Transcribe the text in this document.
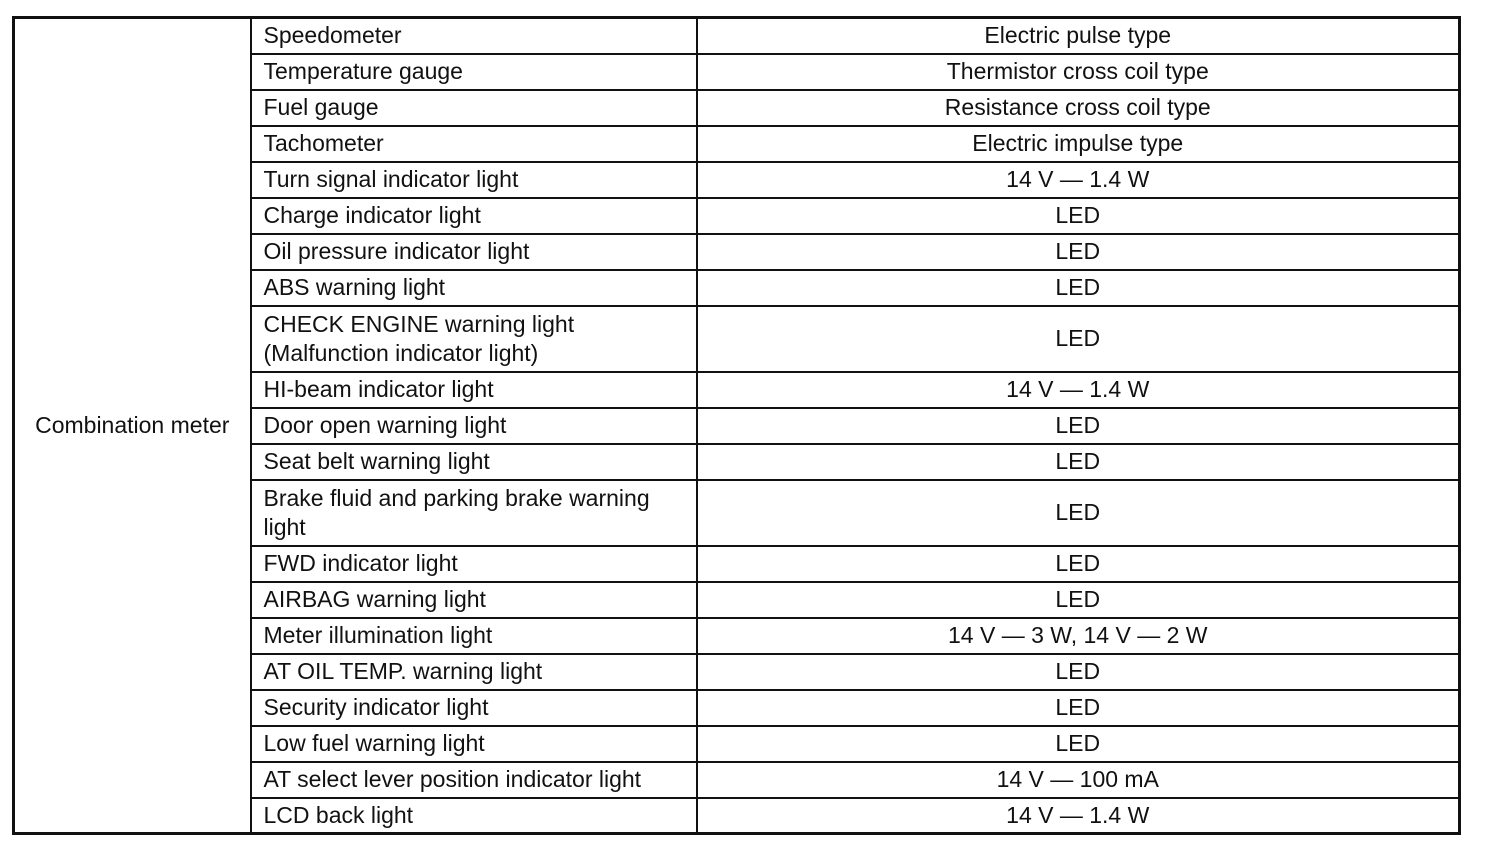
Combination meter	Speedometer	Electric pulse type
	Temperature gauge	Thermistor cross coil type
	Fuel gauge	Resistance cross coil type
	Tachometer	Electric impulse type
	Turn signal indicator light	14 V — 1.4 W
	Charge indicator light	LED
	Oil pressure indicator light	LED
	ABS warning light	LED
	CHECK ENGINE warning light (Malfunction indicator light)	LED
	HI-beam indicator light	14 V — 1.4 W
	Door open warning light	LED
	Seat belt warning light	LED
	Brake fluid and parking brake warning light	LED
	FWD indicator light	LED
	AIRBAG warning light	LED
	Meter illumination light	14 V — 3 W, 14 V — 2 W
	AT OIL TEMP. warning light	LED
	Security indicator light	LED
	Low fuel warning light	LED
	AT select lever position indicator light	14 V — 100 mA
	LCD back light	14 V — 1.4 W
